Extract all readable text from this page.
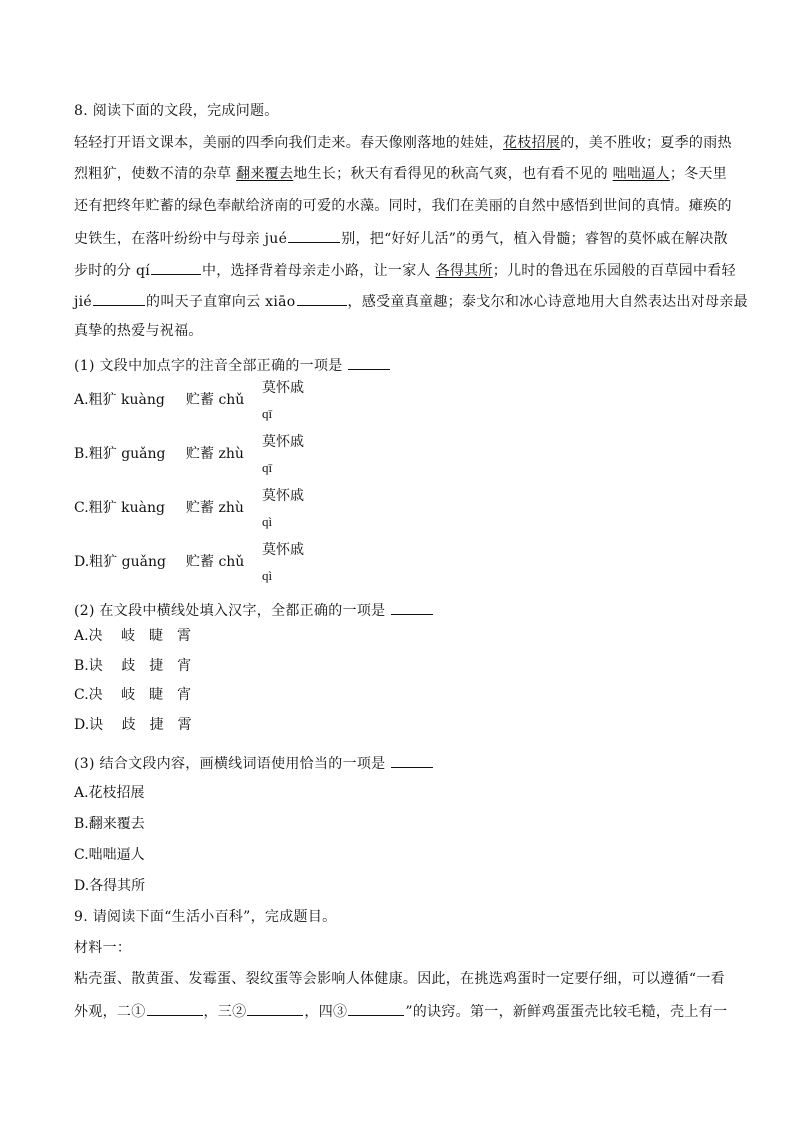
8. 阅读下面的文段，完成问题。
轻轻打开语文课本，美丽的四季向我们走来。春天像刚落地的娃娃，花枝招展的，美不胜收；夏季的雨热
烈粗犷，使数不清的杂草 翻来覆去地生长；秋天有看得见的秋高气爽，也有看不见的 咄咄逼人；冬天里
还有把终年贮蓄的绿色奉献给济南的可爱的水藻。同时，我们在美丽的自然中感悟到世间的真情。瘫痪的
史铁生，在落叶纷纷中与母亲 jué	别，把“好好儿活”的勇气，植入骨髓；睿智的莫怀戚在解决散
步时的分 qí	中，选择背着母亲走小路，让一家人 各得其所；儿时的鲁迅在乐园般的百草园中看轻
jié	的叫天子直窜向云 xiāo	，感受童真童趣；泰戈尔和冰心诗意地用大自然表达出对母亲最
真挚的热爱与祝福。
(1) 文段中加点字的注音全部正确的一项是
A.粗犷 kuàng 贮蓄 chǔ
莫怀戚
qī
B.粗犷 guǎng 贮蓄 zhù
莫怀戚
qī
C.粗犷 kuàng 贮蓄 zhù
莫怀戚
qì
D.粗犷 guǎng 贮蓄 chǔ
莫怀戚
qì
(2) 在文段中横线处填入汉字，全都正确的一项是
A.决　 岐　睫　霄
B.诀　 歧　捷　宵
C.决　 岐　睫　宵
D.诀　 歧　捷　霄
(3) 结合文段内容，画横线词语使用恰当的一项是
A.花枝招展
B.翻来覆去
C.咄咄逼人
D.各得其所
9. 请阅读下面“生活小百科”，完成题目。
材料一：
粘壳蛋、散黄蛋、发霉蛋、裂纹蛋等会影响人体健康。因此，在挑选鸡蛋时一定要仔细，可以遵循“一看
外观，二①	，三②	，四③	”的诀窍。第一，新鲜鸡蛋蛋壳比较毛糙，壳上有一
